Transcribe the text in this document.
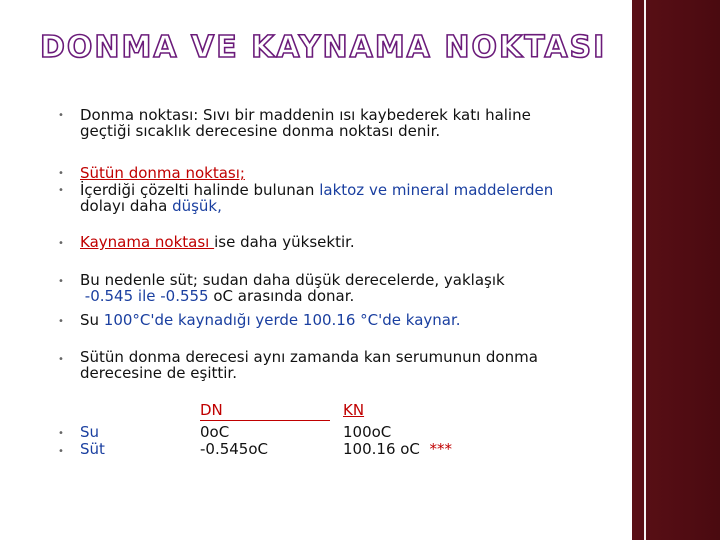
DONMA VE KAYNAMA NOKTASI
• Donma noktası: Sıvı bir maddenin ısı kaybederek katı haline
geçtiği sıcaklık derecesine donma noktası denir.
• Sütün donma noktası;
• İçerdiği çözelti halinde bulunan laktoz ve mineral maddelerden
dolayı daha düşük,
• Kaynama noktası ise daha yüksektir.
• Bu nedenle süt; sudan daha düşük derecelerde, yaklaşık
-0.545 ile -0.555 oC arasında donar.
• Su 100°C'de kaynadığı yerde 100.16 °C'de kaynar.
• Sütün donma derecesi aynı zamanda kan serumunun donma
derecesine de eşittir.
•
•
Su
Süt
DN
0oC
-0.545oC
KN
100oC
100.16 oC ***
